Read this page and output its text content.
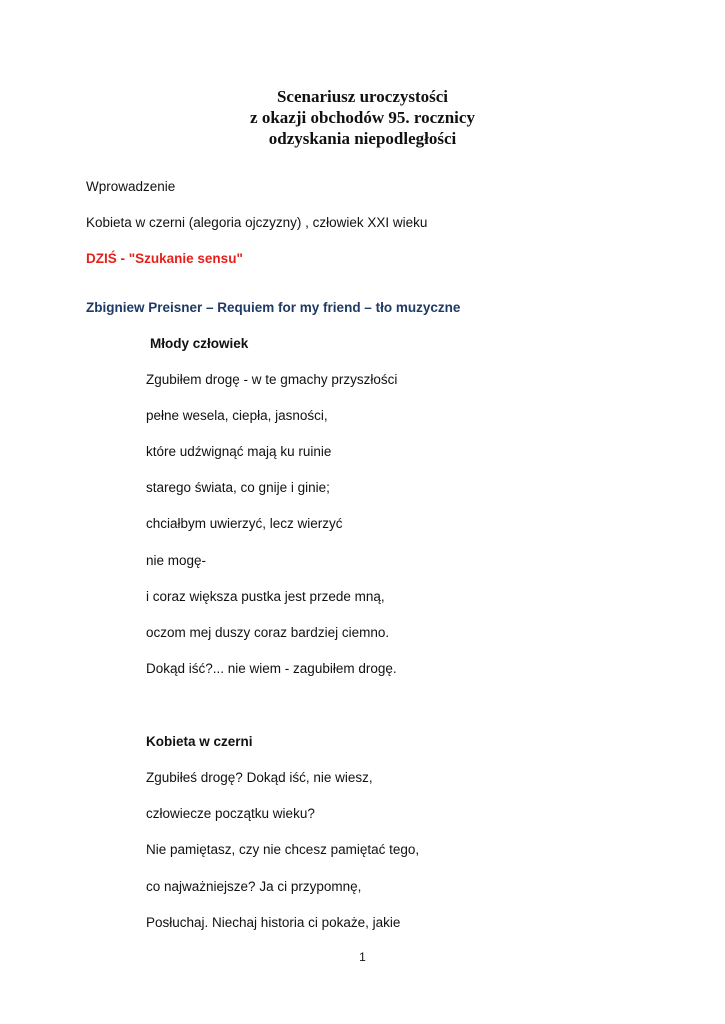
Scenariusz uroczystości
z okazji obchodów 95. rocznicy
odzyskania niepodległości
Wprowadzenie
Kobieta w czerni (alegoria ojczyzny) , człowiek XXI wieku
DZIŚ - "Szukanie sensu"
Zbigniew Preisner – Requiem for my friend – tło muzyczne
Młody człowiek
Zgubiłem drogę - w te gmachy przyszłości
pełne wesela, ciepła, jasności,
które udźwignąć mają ku ruinie
starego świata, co gnije i ginie;
chciałbym uwierzyć, lecz wierzyć
nie mogę-
i coraz większa pustka jest przede mną,
oczom mej duszy coraz bardziej ciemno.
Dokąd iść?... nie wiem - zagubiłem drogę.
Kobieta w czerni
Zgubiłeś drogę? Dokąd iść, nie wiesz,
człowiecze początku wieku?
Nie pamiętasz, czy nie chcesz pamiętać tego,
co najważniejsze? Ja ci przypomnę,
Posłuchaj. Niechaj historia ci pokaże, jakie
1
